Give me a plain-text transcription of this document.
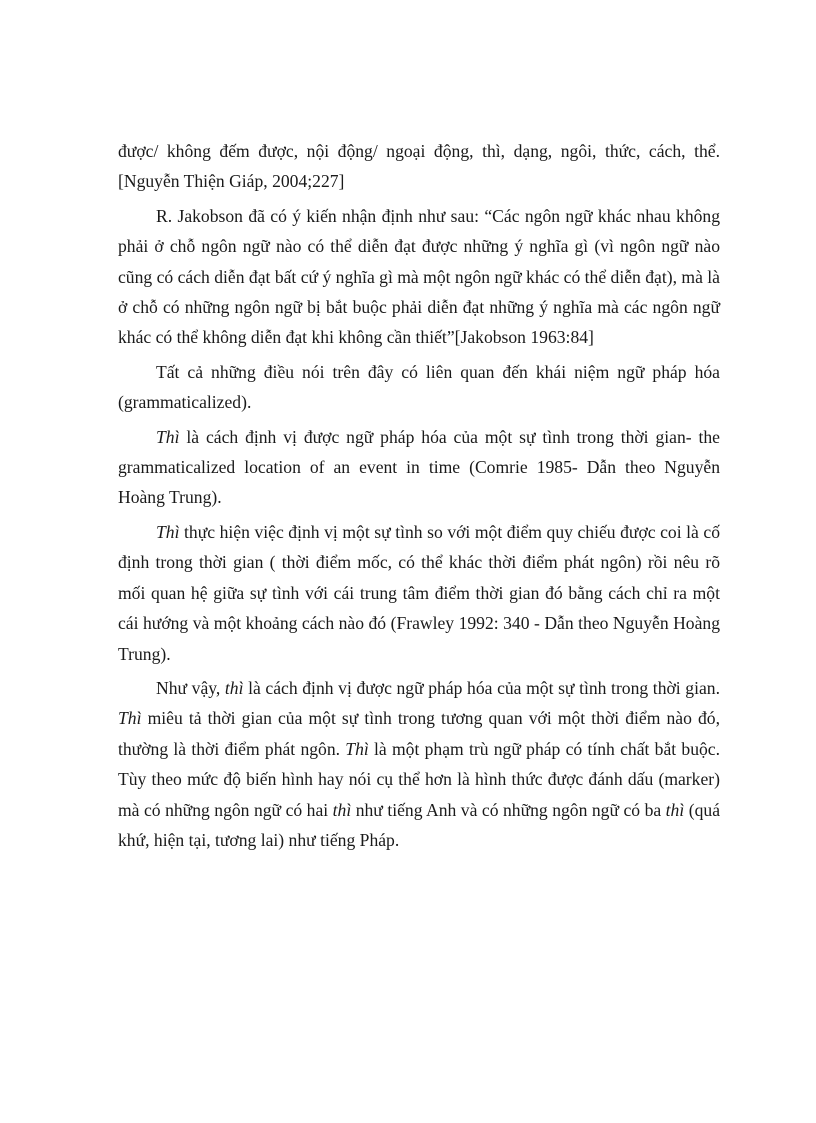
được/ không đếm được, nội động/ ngoại động, thì, dạng, ngôi, thức, cách, thể. [Nguyễn Thiện Giáp, 2004;227]

R. Jakobson đã có ý kiến nhận định như sau: “Các ngôn ngữ khác nhau không phải ở chỗ ngôn ngữ nào có thể diễn đạt được những ý nghĩa gì (vì ngôn ngữ nào cũng có cách diễn đạt bất cứ ý nghĩa gì mà một ngôn ngữ khác có thể diễn đạt), mà là ở chỗ có những ngôn ngữ bị bắt buộc phải diễn đạt những ý nghĩa mà các ngôn ngữ khác có thể không diễn đạt khi không cần thiết”[Jakobson 1963:84]

Tất cả những điều nói trên đây có liên quan đến khái niệm ngữ pháp hóa (grammaticalized).

Thì là cách định vị được ngữ pháp hóa của một sự tình trong thời gian- the grammaticalized location of an event in time (Comrie 1985- Dẫn theo Nguyễn Hoàng Trung).

Thì thực hiện việc định vị một sự tình so với một điểm quy chiếu được coi là cố định trong thời gian ( thời điểm mốc, có thể khác thời điểm phát ngôn) rồi nêu rõ mối quan hệ giữa sự tình với cái trung tâm điểm thời gian đó bằng cách chỉ ra một cái hướng và một khoảng cách nào đó (Frawley 1992: 340 - Dẫn theo Nguyễn Hoàng Trung).

Như vậy, thì là cách định vị được ngữ pháp hóa của một sự tình trong thời gian. Thì miêu tả thời gian của một sự tình trong tương quan với một thời điểm nào đó, thường là thời điểm phát ngôn. Thì là một phạm trù ngữ pháp có tính chất bắt buộc. Tùy theo mức độ biến hình hay nói cụ thể hơn là hình thức được đánh dấu (marker) mà có những ngôn ngữ có hai thì như tiếng Anh và có những ngôn ngữ có ba thì (quá khứ, hiện tại, tương lai) như tiếng Pháp.
